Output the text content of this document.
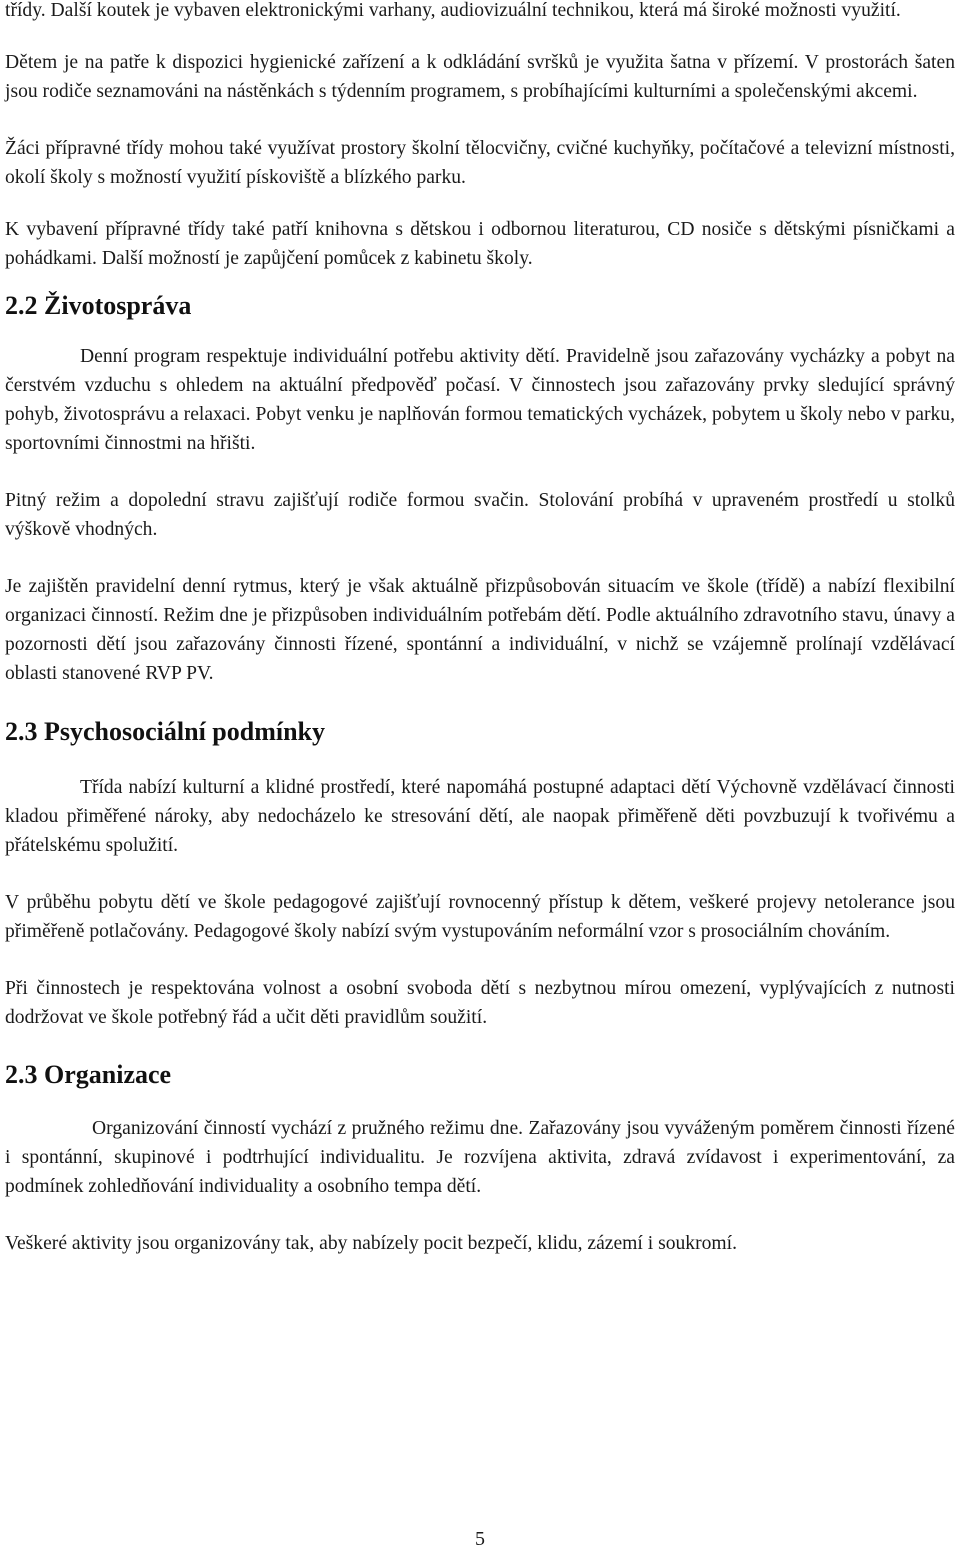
třídy. Další koutek je vybaven elektronickými varhany, audiovizuální technikou, která má široké možnosti využití.

Dětem je na patře k dispozici hygienické zařízení a k odkládání svršků je využita šatna v přízemí. V prostorách šaten jsou rodiče seznamováni na nástěnkách s týdenním programem, s probíhajícími kulturními a společenskými akcemi.

Žáci přípravné třídy mohou také využívat prostory školní tělocvičny, cvičné kuchyňky, počítačové a televizní místnosti, okolí školy s možností využití pískoviště a blízkého parku.

K vybavení přípravné třídy také patří knihovna s dětskou i odbornou literaturou, CD nosiče s dětskými písničkami a pohádkami. Další možností je zapůjčení pomůcek z kabinetu školy.

2.2 Životospráva

Denní program respektuje individuální potřebu aktivity dětí. Pravidelně jsou zařazovány vycházky a pobyt na čerstvém vzduchu s ohledem na aktuální předpověď počasí. V činnostech jsou zařazovány prvky sledující správný pohyb, životosprávu a relaxaci. Pobyt venku je naplňován formou tematických vycházek, pobytem u školy nebo v parku, sportovními činnostmi na hřišti.

Pitný režim a dopolední stravu zajišťují rodiče formou svačin. Stolování probíhá v upraveném prostředí u stolků výškově vhodných.

Je zajištěn pravidelní denní rytmus, který je však aktuálně přizpůsobován situacím ve škole (třídě) a nabízí flexibilní organizaci činností. Režim dne je přizpůsoben individuálním potřebám dětí. Podle aktuálního zdravotního stavu, únavy a pozornosti dětí jsou zařazovány činnosti řízené, spontánní a individuální, v nichž se vzájemně prolínají vzdělávací oblasti stanovené RVP PV.

2.3 Psychosociální podmínky

Třída nabízí kulturní a klidné prostředí, které napomáhá postupné adaptaci dětí Výchovně vzdělávací činnosti kladou přiměřené nároky, aby nedocházelo ke stresování dětí, ale naopak přiměřeně děti povzbuzují k tvořivému a přátelskému spolužití.

V průběhu pobytu dětí ve škole pedagogové zajišťují rovnocenný přístup k dětem, veškeré projevy netolerance jsou přiměřeně potlačovány. Pedagogové školy nabízí svým vystupováním neformální vzor s prosociálním chováním.

Při činnostech je respektována volnost a osobní svoboda dětí s nezbytnou mírou omezení, vyplývajících z nutnosti dodržovat ve škole potřebný řád a učit děti pravidlům soužití.

2.3 Organizace

Organizování činností vychází z pružného režimu dne. Zařazovány jsou vyváženým poměrem činnosti řízené i spontánní, skupinové i podtrhující individualitu. Je rozvíjena aktivita, zdravá zvídavost i experimentování, za podmínek zohledňování individuality a osobního tempa dětí.

Veškeré aktivity jsou organizovány tak, aby nabízely pocit bezpečí, klidu, zázemí i soukromí.

5
